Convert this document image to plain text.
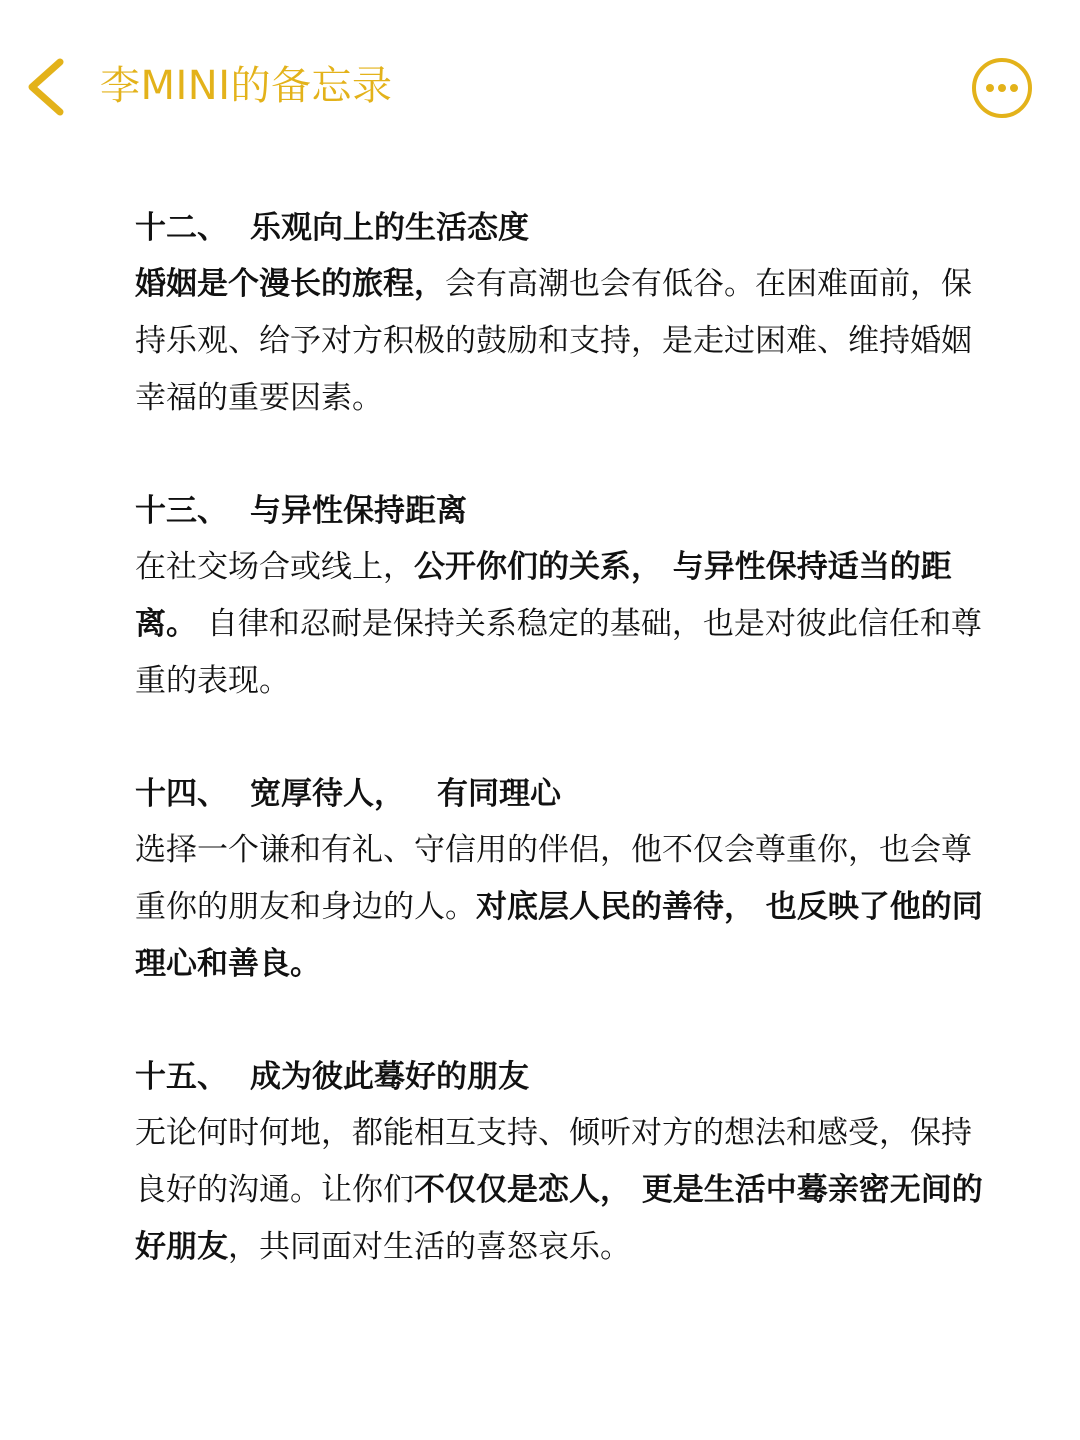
李MINI的备忘录
十二、 乐观向上的生活态度

婚姻是个漫长的旅程，会有高潮也会有低谷。在困难面前，保持乐观、给予对方积极的鼓励和支持，是走过困难、维持婚姻幸福的重要因素。

十三、 与异性保持距离

在社交场合或线上，公开你们的关系， 与异性保持适当的距离。 自律和忍耐是保持关系稳定的基础，也是对彼此信任和尊重的表现。

十四、 宽厚待人， 有同理心

选择一个谦和有礼、守信用的伴侣，他不仅会尊重你，也会尊重你的朋友和身边的人。对底层人民的善待， 也反映了他的同理心和善良。

十五、 成为彼此蓦好的朋友

无论何时何地，都能相互支持、倾听对方的想法和感受，保持良好的沟通。让你们不仅仅是恋人， 更是生活中蓦亲密无间的好朋友，共同面对生活的喜怒哀乐。
